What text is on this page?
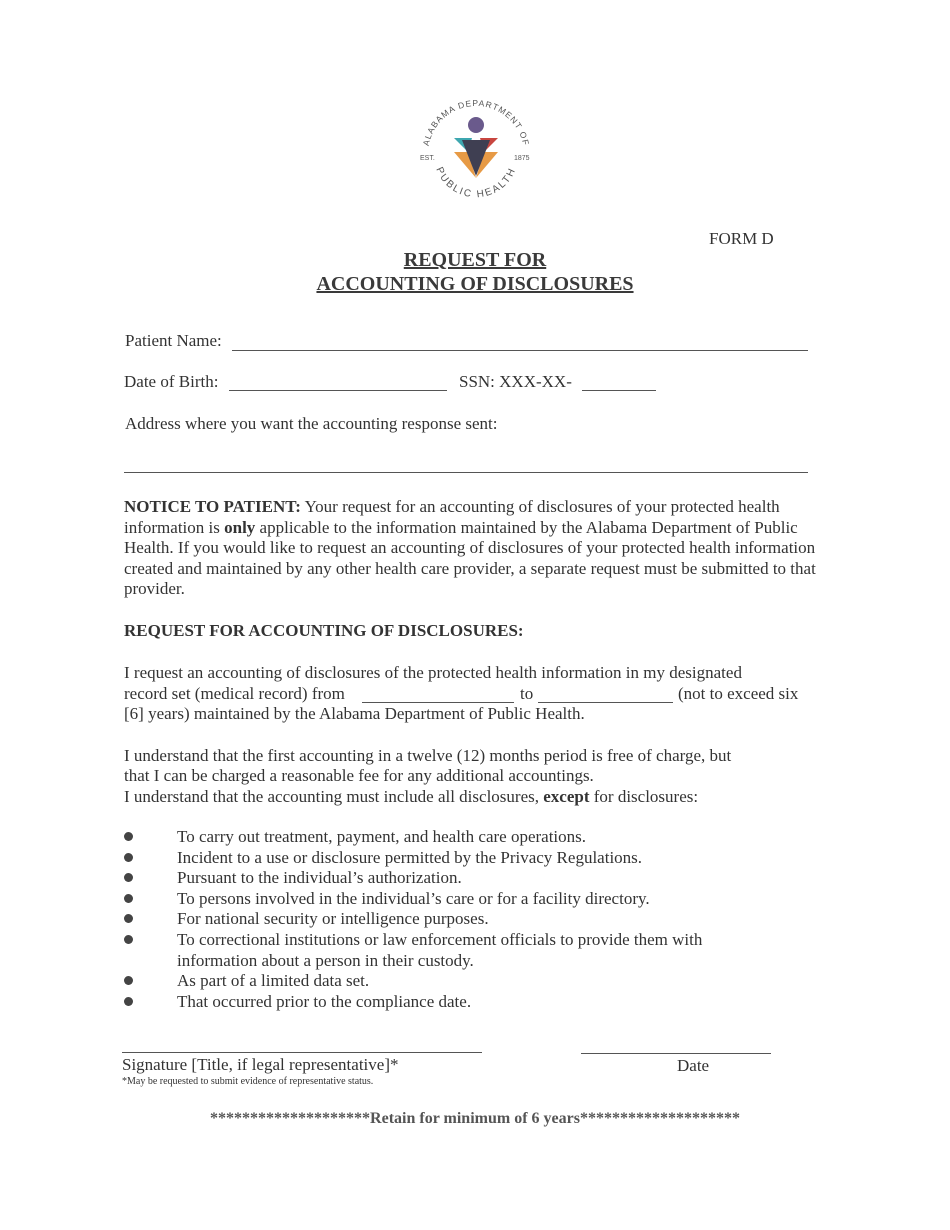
ALABAMA DEPARTMENT OF
PUBLIC HEALTH
EST.	1875
FORM D
REQUEST FOR
ACCOUNTING OF DISCLOSURES
Patient Name:
Date of Birth:	SSN: XXX-XX-
Address where you want the accounting response sent:
NOTICE TO PATIENT: Your request for an accounting of disclosures of your protected health information is only applicable to the information maintained by the Alabama Department of Public Health. If you would like to request an accounting of disclosures of your protected health information created and maintained by any other health care provider, a separate request must be submitted to that provider.
REQUEST FOR ACCOUNTING OF DISCLOSURES:
I request an accounting of disclosures of the protected health information in my designated
record set (medical record) from	to	(not to exceed six
[6] years) maintained by the Alabama Department of Public Health.
I understand that the first accounting in a twelve (12) months period is free of charge, but
that I can be charged a reasonable fee for any additional accountings.
I understand that the accounting must include all disclosures, except for disclosures:
To carry out treatment, payment, and health care operations.
Incident to a use or disclosure permitted by the Privacy Regulations.
Pursuant to the individual’s authorization.
To persons involved in the individual’s care or for a facility directory.
For national security or intelligence purposes.
To correctional institutions or law enforcement officials to provide them with information about a person in their custody.
As part of a limited data set.
That occurred prior to the compliance date.
Signature [Title, if legal representative]*
*May be requested to submit evidence of representative status.
Date
********************Retain for minimum of 6 years********************
